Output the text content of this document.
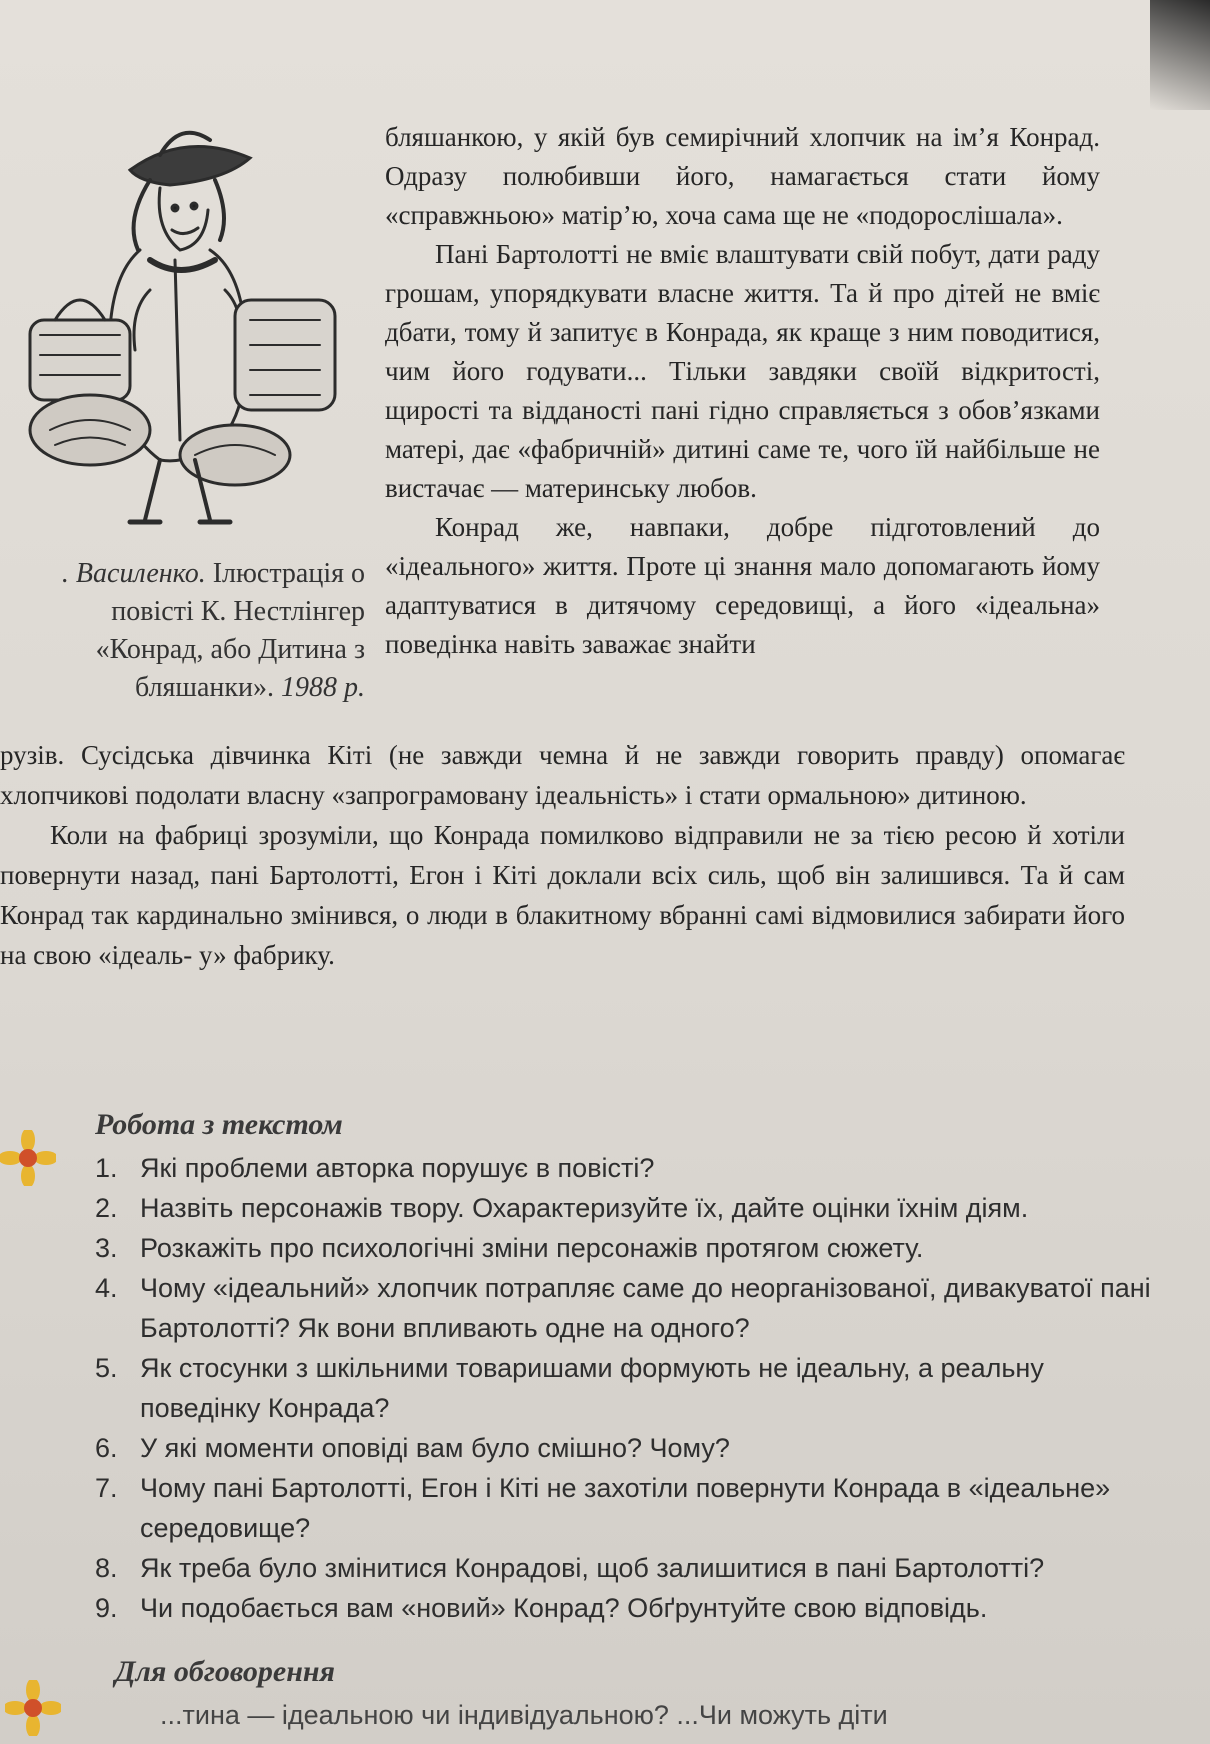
. Василенко. Ілюстрація о повісті К. Нестлінгер «Конрад, або Дитина з бляшанки». 1988 р.

бляшанкою, у якій був семирічний хлопчик на ім’я Конрад. Одразу полюбивши його, намагається стати йому «справжньою» матір’ю, хоча сама ще не «подорослішала».

Пані Бартолотті не вміє влаштувати свій побут, дати раду грошам, упорядкувати власне життя. Та й про дітей не вміє дбати, тому й запитує в Конрада, як краще з ним поводитися, чим його годувати... Тільки завдяки своїй відкритості, щирості та відданості пані гідно справляється з обов’язками матері, дає «фабричній» дитині саме те, чого їй найбільше не вистачає — материнську любов.

Конрад же, навпаки, добре підготовлений до «ідеального» життя. Проте ці знання мало допомагають йому адаптуватися в дитячому середовищі, а його «ідеальна» поведінка навіть заважає знайти

рузів. Сусідська дівчинка Кіті (не завжди чемна й не завжди говорить правду) опомагає хлопчикові подолати власну «запрограмовану ідеальність» і стати ормальною» дитиною.

Коли на фабриці зрозуміли, що Конрада помилково відправили не за тією ресою й хотіли повернути назад, пані Бартолотті, Егон і Кіті доклали всіх силь, щоб він залишився. Та й сам Конрад так кардинально змінився, о люди в блакитному вбранні самі відмовилися забирати його на свою «ідеаль- у» фабрику.

Робота з текстом
1. Які проблеми авторка порушує в повісті?
2. Назвіть персонажів твору. Охарактеризуйте їх, дайте оцінки їхнім діям.
3. Розкажіть про психологічні зміни персонажів протягом сюжету.
4. Чому «ідеальний» хлопчик потрапляє саме до неорганізованої, дивакуватої пані Бартолотті? Як вони впливають одне на одного?
5. Як стосунки з шкільними товаришами формують не ідеальну, а реальну поведінку Конрада?
6. У які моменти оповіді вам було смішно? Чому?
7. Чому пані Бартолотті, Егон і Кіті не захотіли повернути Конрада в «ідеальне» середовище?
8. Як треба було змінитися Конрадові, щоб залишитися в пані Бартолотті?
9. Чи подобається вам «новий» Конрад? Обґрунтуйте свою відповідь.
Для обговорення
...тина — ідеальною чи індивідуальною? ...Чи можуть діти
